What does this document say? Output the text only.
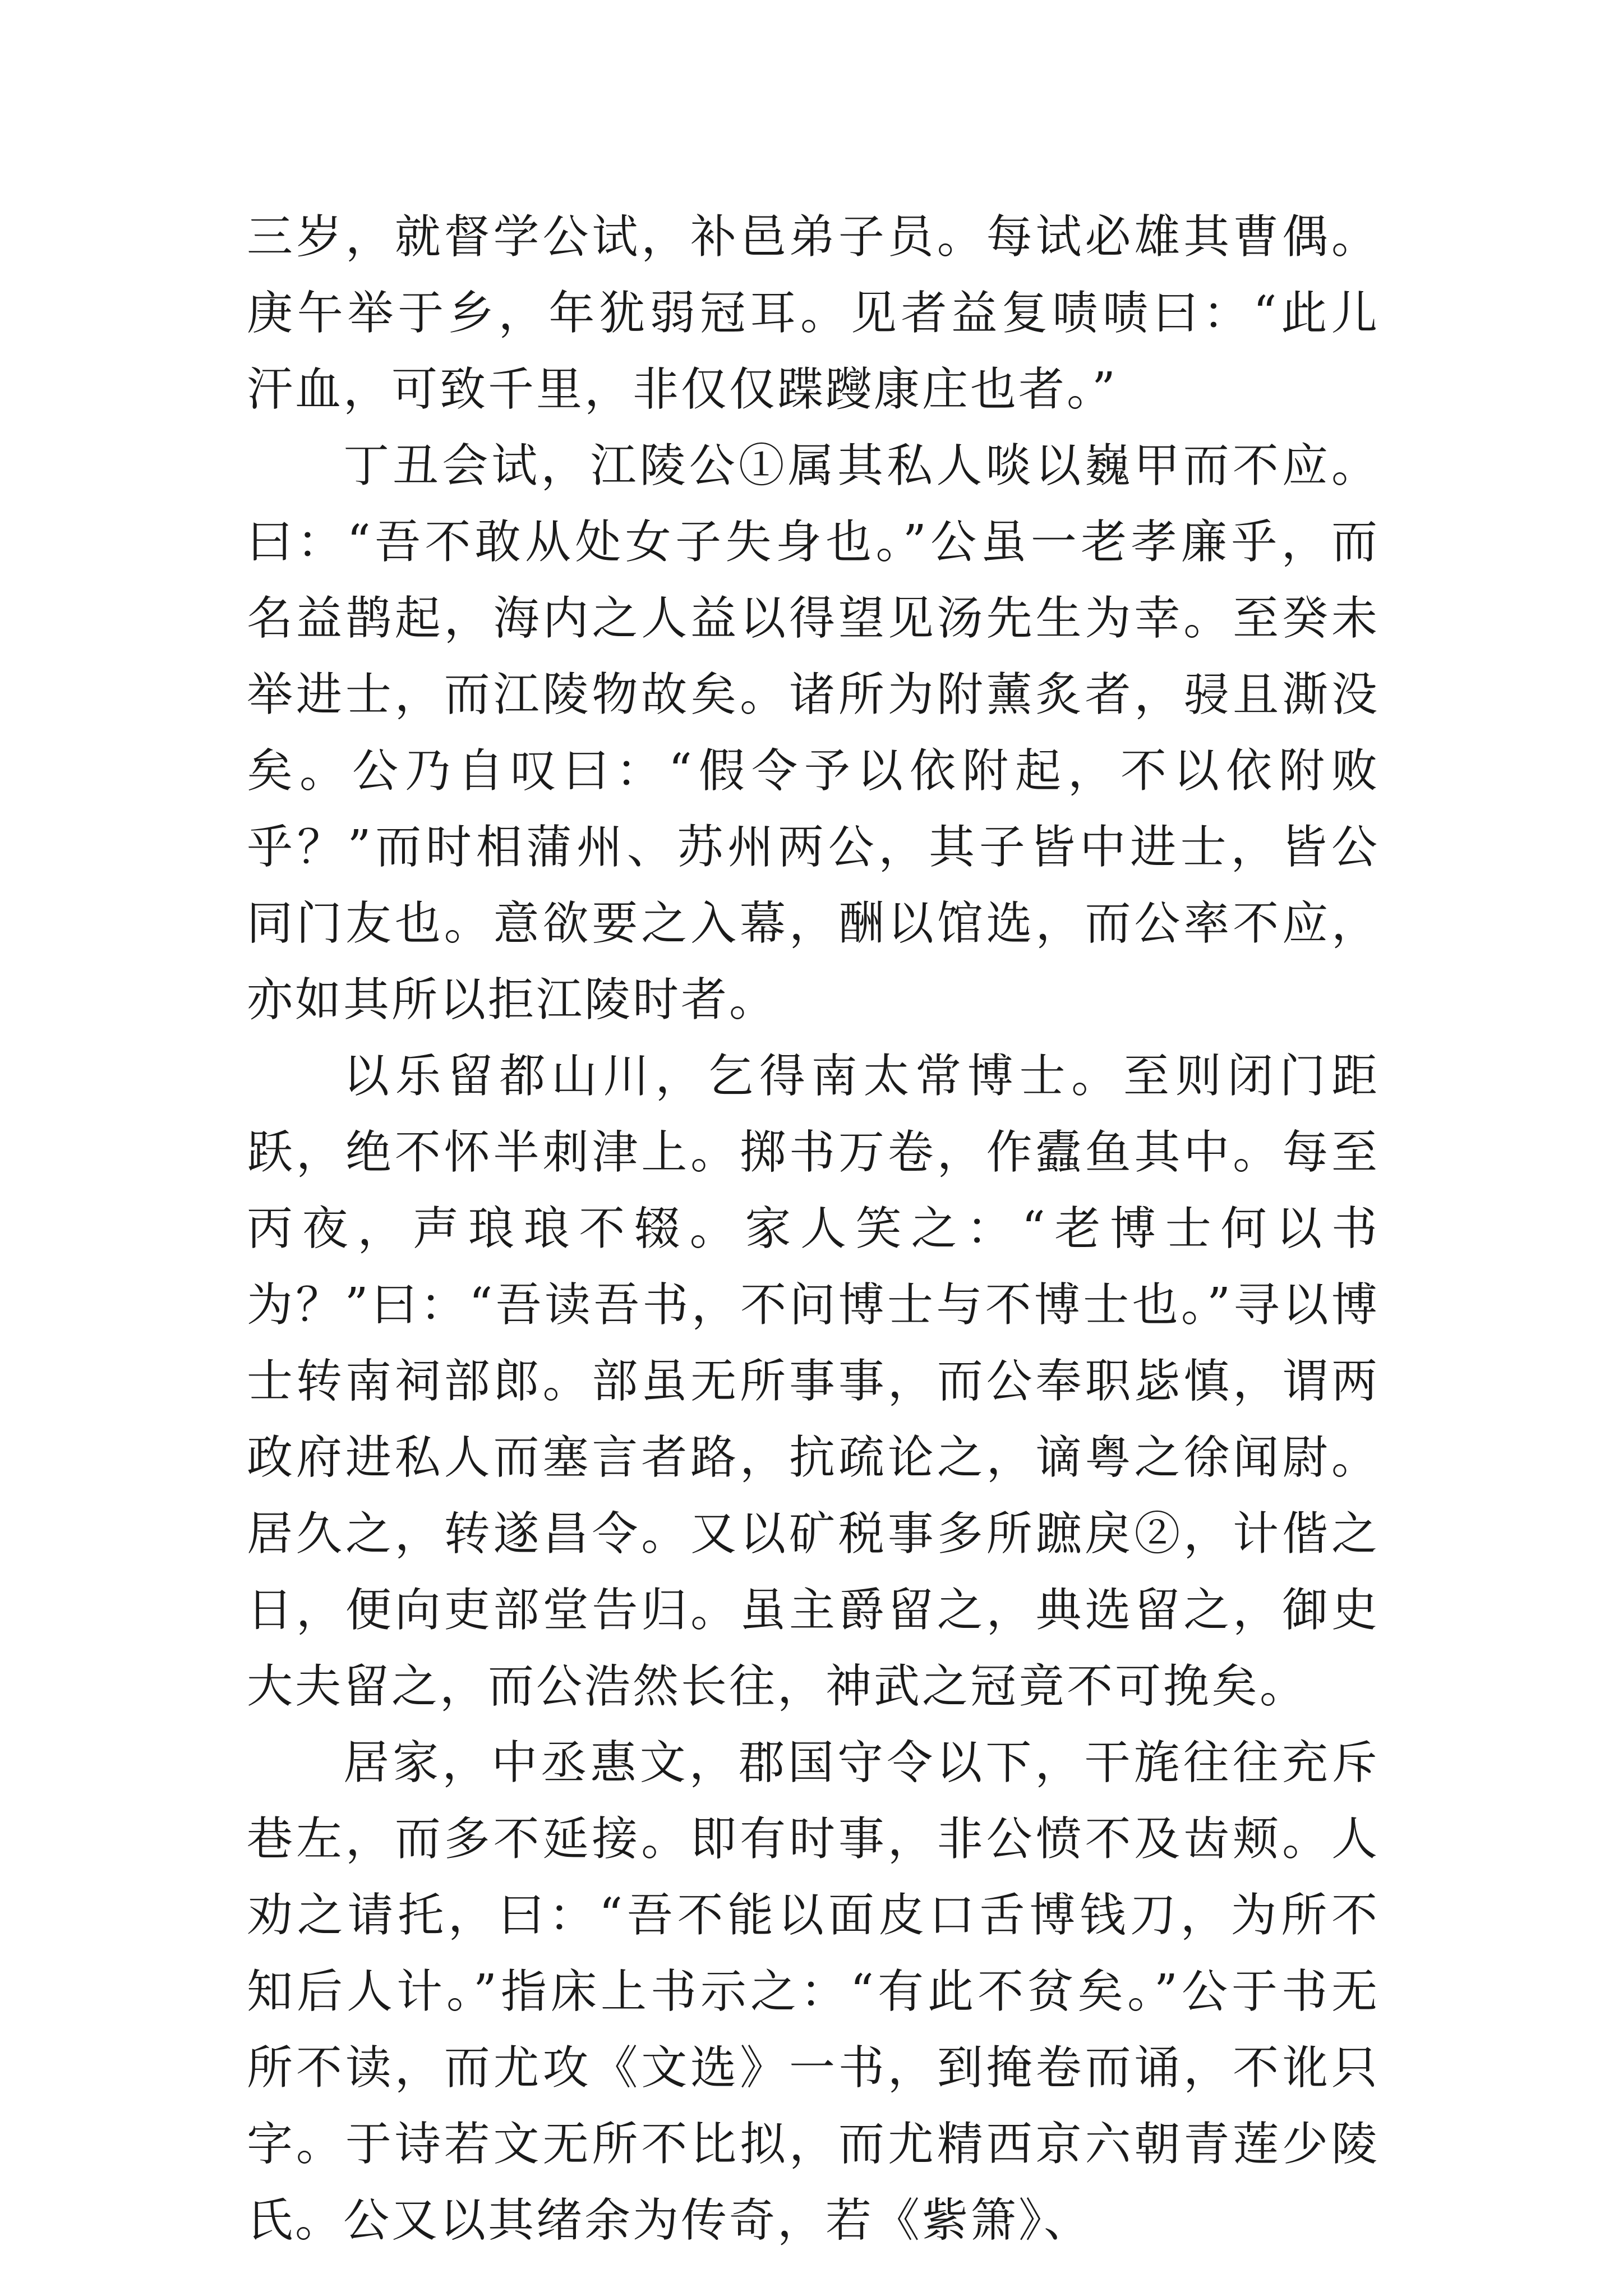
三岁，就督学公试，补邑弟子员。每试必雄其曹偶。庚午举于乡，年犹弱冠耳。见者益复啧啧曰：“此儿汗血，可致千里，非仅仅蹀躞康庄也者。”

丁丑会试，江陵公①属其私人啖以巍甲而不应。曰：“吾不敢从处女子失身也。”公虽一老孝廉乎，而名益鹊起，海内之人益以得望见汤先生为幸。至癸未举进士，而江陵物故矣。诸所为附薰炙者，骎且澌没矣。公乃自叹曰：“假令予以依附起，不以依附败乎？”而时相蒲州、苏州两公，其子皆中进士，皆公同门友也。意欲要之入幕，酬以馆选，而公率不应，亦如其所以拒江陵时者。

以乐留都山川，乞得南太常博士。至则闭门距跃，绝不怀半刺津上。掷书万卷，作蠹鱼其中。每至丙夜，声琅琅不辍。家人笑之：“老博士何以书为？”曰：“吾读吾书，不问博士与不博士也。”寻以博士转南祠部郎。部虽无所事事，而公奉职毖慎，谓两政府进私人而塞言者路，抗疏论之，谪粤之徐闻尉。居久之，转遂昌令。又以矿税事多所蹠戾②，计偕之日，便向吏部堂告归。虽主爵留之，典选留之，御史大夫留之，而公浩然长往，神武之冠竟不可挽矣。

居家，中丞惠文，郡国守令以下，干旄往往充斥巷左，而多不延接。即有时事，非公愤不及齿颊。人劝之请托，曰：“吾不能以面皮口舌博钱刀，为所不知后人计。”指床上书示之：“有此不贫矣。”公于书无所不读，而尤攻《文选》一书，到掩卷而诵，不讹只字。于诗若文无所不比拟，而尤精西京六朝青莲少陵氏。公又以其绪余为传奇，若《紫箫》、
